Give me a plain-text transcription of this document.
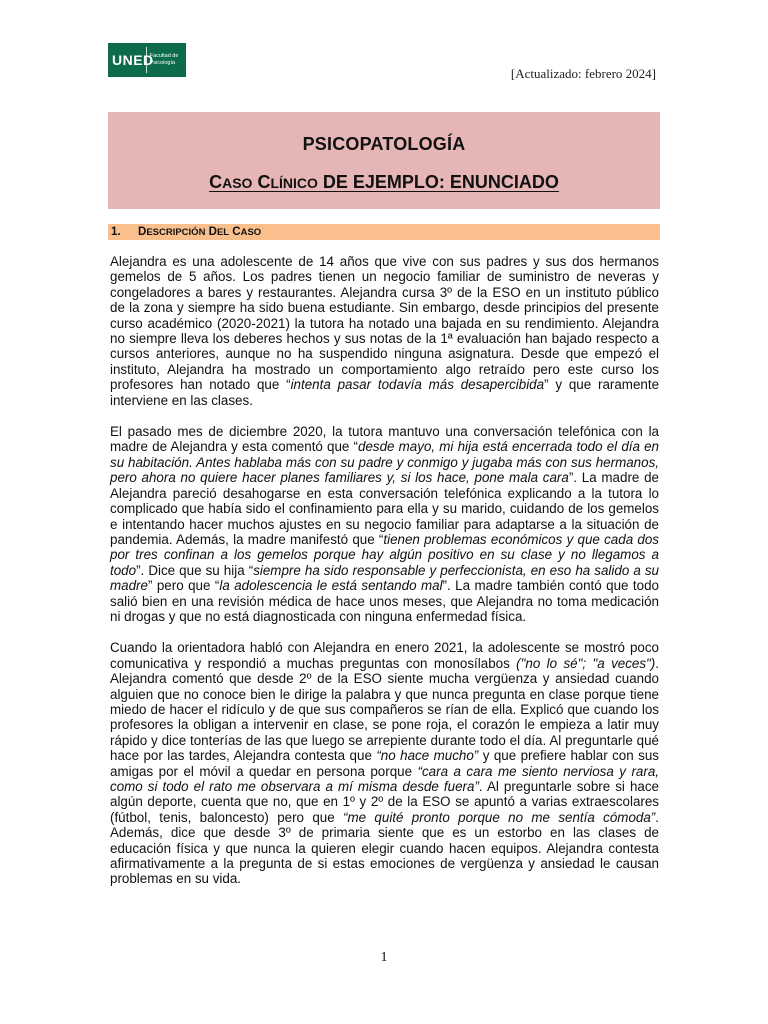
UNED
Facultad de Psicología
[Actualizado: febrero 2024]
PSICOPATOLOGÍA
CASO CLÍNICO DE EJEMPLO: ENUNCIADO
1. DESCRIPCIÓN DEL CASO

Alejandra es una adolescente de 14 años que vive con sus padres y sus dos hermanos gemelos de 5 años. Los padres tienen un negocio familiar de suministro de neveras y congeladores a bares y restaurantes. Alejandra cursa 3º de la ESO en un instituto público de la zona y siempre ha sido buena estudiante. Sin embargo, desde principios del presente curso académico (2020-2021) la tutora ha notado una bajada en su rendimiento. Alejandra no siempre lleva los deberes hechos y sus notas de la 1ª evaluación han bajado respecto a cursos anteriores, aunque no ha suspendido ninguna asignatura. Desde que empezó el instituto, Alejandra ha mostrado un comportamiento algo retraído pero este curso los profesores han notado que “intenta pasar todavía más desapercibida” y que raramente interviene en las clases.

El pasado mes de diciembre 2020, la tutora mantuvo una conversación telefónica con la madre de Alejandra y esta comentó que “desde mayo, mi hija está encerrada todo el día en su habitación. Antes hablaba más con su padre y conmigo y jugaba más con sus hermanos, pero ahora no quiere hacer planes familiares y, si los hace, pone mala cara”. La madre de Alejandra pareció desahogarse en esta conversación telefónica explicando a la tutora lo complicado que había sido el confinamiento para ella y su marido, cuidando de los gemelos e intentando hacer muchos ajustes en su negocio familiar para adaptarse a la situación de pandemia. Además, la madre manifestó que “tienen problemas económicos y que cada dos por tres confinan a los gemelos porque hay algún positivo en su clase y no llegamos a todo”. Dice que su hija “siempre ha sido responsable y perfeccionista, en eso ha salido a su madre” pero que “la adolescencia le está sentando mal”. La madre también contó que todo salió bien en una revisión médica de hace unos meses, que Alejandra no toma medicación ni drogas y que no está diagnosticada con ninguna enfermedad física.

Cuando la orientadora habló con Alejandra en enero 2021, la adolescente se mostró poco comunicativa y respondió a muchas preguntas con monosílabos ("no lo sé"; "a veces"). Alejandra comentó que desde 2º de la ESO siente mucha vergüenza y ansiedad cuando alguien que no conoce bien le dirige la palabra y que nunca pregunta en clase porque tiene miedo de hacer el ridículo y de que sus compañeros se rían de ella. Explicó que cuando los profesores la obligan a intervenir en clase, se pone roja, el corazón le empieza a latir muy rápido y dice tonterías de las que luego se arrepiente durante todo el día. Al preguntarle qué hace por las tardes, Alejandra contesta que “no hace mucho” y que prefiere hablar con sus amigas por el móvil a quedar en persona porque “cara a cara me siento nerviosa y rara, como si todo el rato me observara a mí misma desde fuera”. Al preguntarle sobre si hace algún deporte, cuenta que no, que en 1º y 2º de la ESO se apuntó a varias extraescolares (fútbol, tenis, baloncesto) pero que “me quité pronto porque no me sentía cómoda”. Además, dice que desde 3º de primaria siente que es un estorbo en las clases de educación física y que nunca la quieren elegir cuando hacen equipos. Alejandra contesta afirmativamente a la pregunta de si estas emociones de vergüenza y ansiedad le causan problemas en su vida.

1
